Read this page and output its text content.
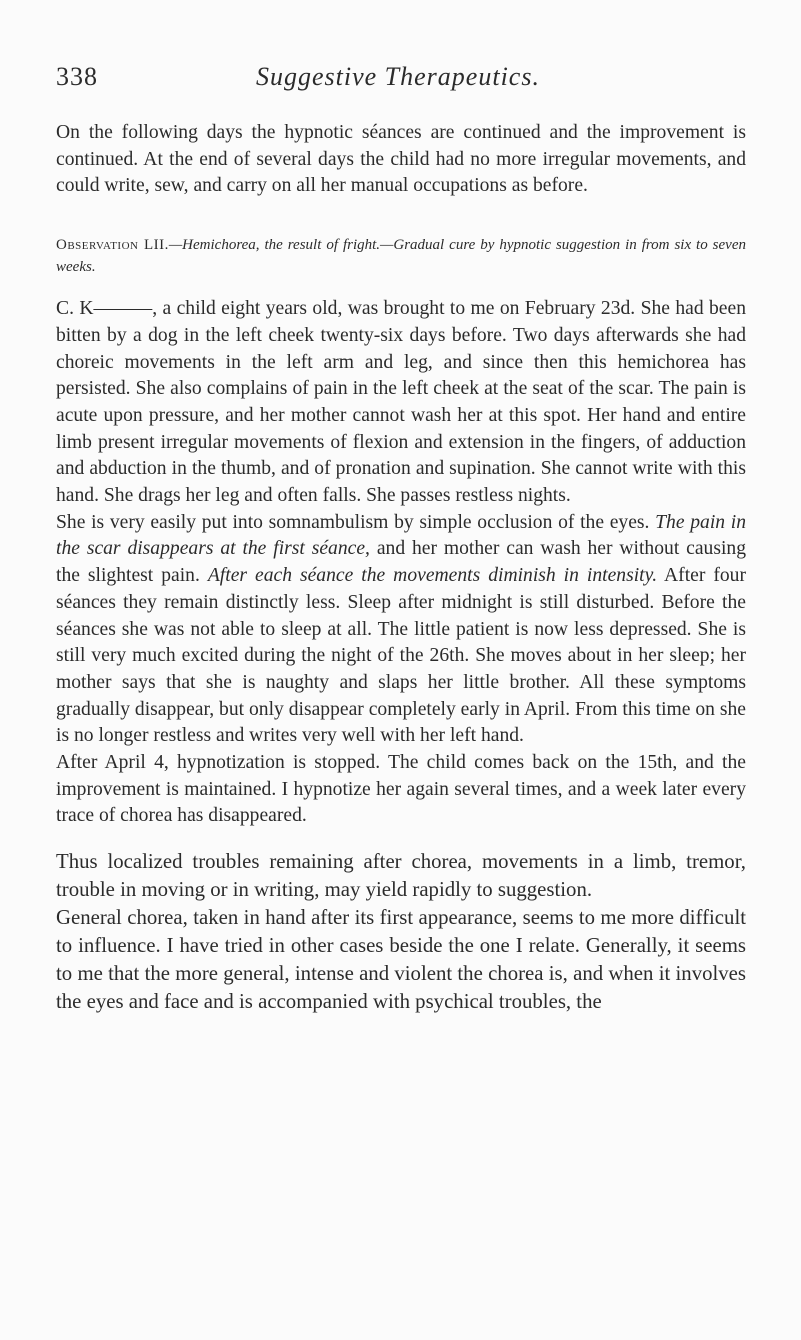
338	Suggestive Therapeutics.

On the following days the hypnotic séances are continued and the improvement is continued. At the end of several days the child had no more irregular movements, and could write, sew, and carry on all her manual occupations as before.

Observation LII.—Hemichorea, the result of fright.—Gradual cure by hypnotic suggestion in from six to seven weeks.

C. K———, a child eight years old, was brought to me on February 23d. She had been bitten by a dog in the left cheek twenty-six days before. Two days afterwards she had choreic movements in the left arm and leg, and since then this hemichorea has persisted. She also complains of pain in the left cheek at the seat of the scar. The pain is acute upon pressure, and her mother cannot wash her at this spot. Her hand and entire limb present irregular movements of flexion and extension in the fingers, of adduction and abduction in the thumb, and of pronation and supination. She cannot write with this hand. She drags her leg and often falls. She passes restless nights.

She is very easily put into somnambulism by simple occlusion of the eyes. The pain in the scar disappears at the first séance, and her mother can wash her without causing the slightest pain. After each séance the movements diminish in intensity. After four séances they remain distinctly less. Sleep after midnight is still disturbed. Before the séances she was not able to sleep at all. The little patient is now less depressed. She is still very much excited during the night of the 26th. She moves about in her sleep; her mother says that she is naughty and slaps her little brother. All these symptoms gradually disappear, but only disappear completely early in April. From this time on she is no longer restless and writes very well with her left hand.

After April 4, hypnotization is stopped. The child comes back on the 15th, and the improvement is maintained. I hypnotize her again several times, and a week later every trace of chorea has disappeared.

Thus localized troubles remaining after chorea, movements in a limb, tremor, trouble in moving or in writing, may yield rapidly to suggestion.

General chorea, taken in hand after its first appearance, seems to me more difficult to influence. I have tried in other cases beside the one I relate. Generally, it seems to me that the more general, intense and violent the chorea is, and when it involves the eyes and face and is accompanied with psychical troubles, the
